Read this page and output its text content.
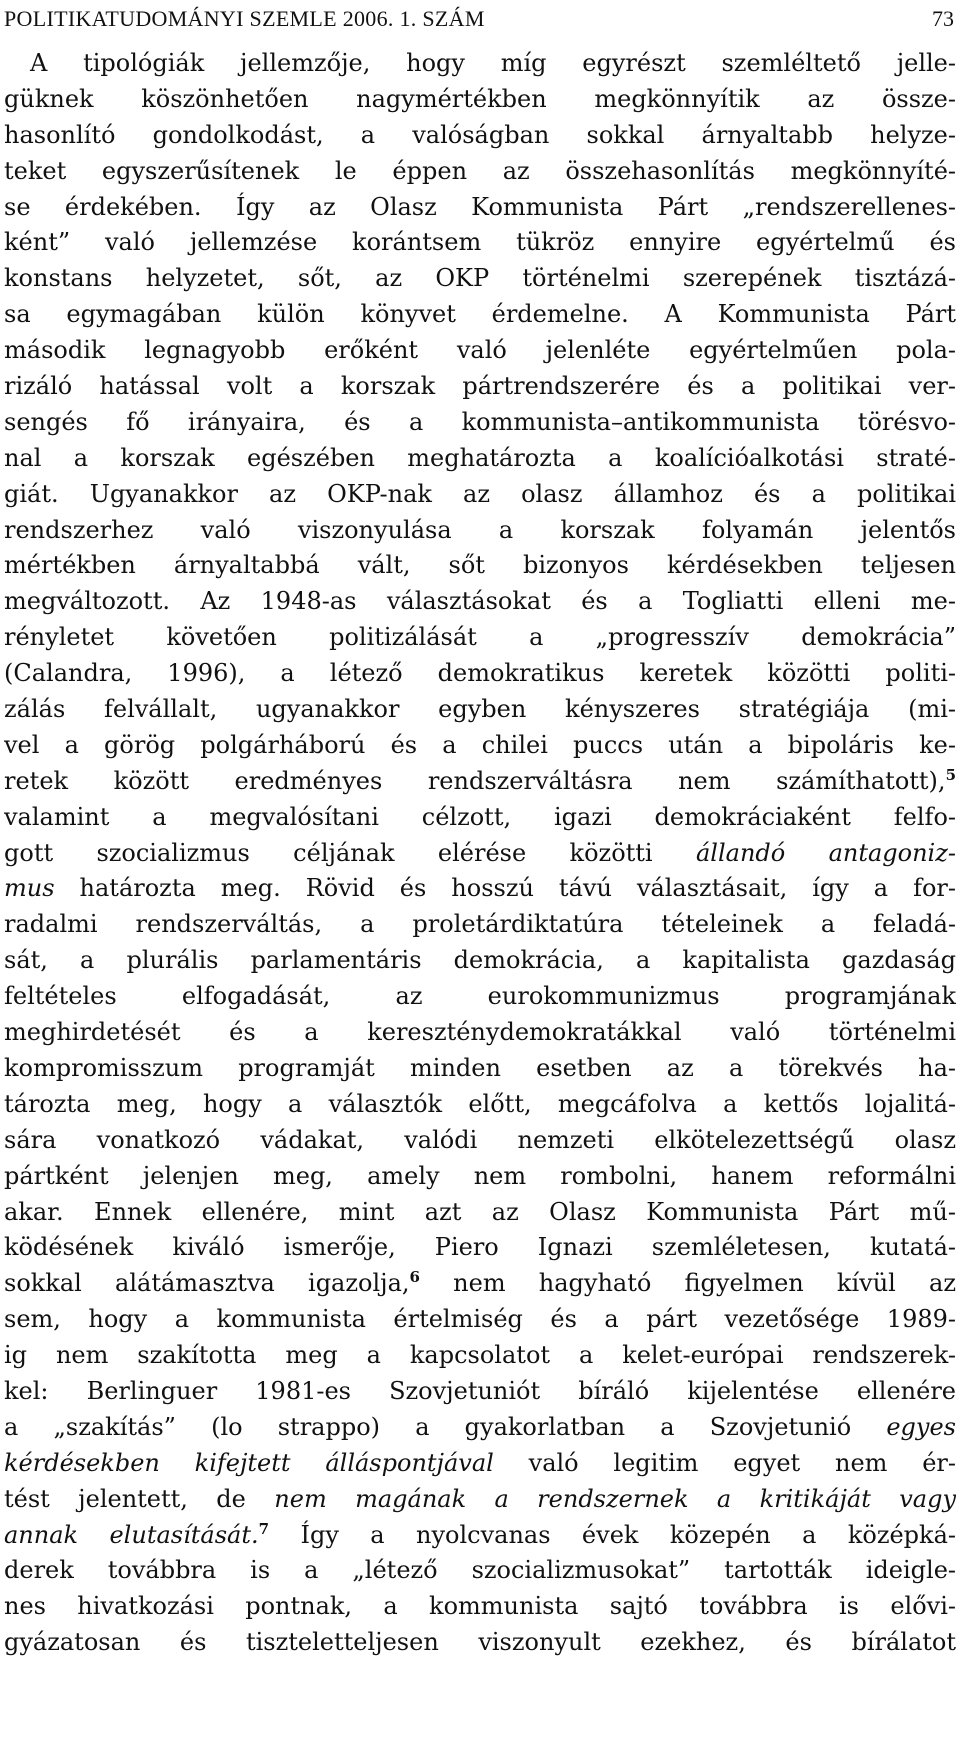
POLITIKATUDOMÁNYI SZEMLE 2006. 1. SZÁM	73
A tipológiák jellemzője, hogy míg egyrészt szemléltető jelle-
güknek köszönhetően nagymértékben megkönnyítik az össze-
hasonlító gondolkodást, a valóságban sokkal árnyaltabb helyze-
teket egyszerűsítenek le éppen az összehasonlítás megkönnyíté-
se érdekében. Így az Olasz Kommunista Párt „rendszerellenes-
ként” való jellemzése korántsem tükröz ennyire egyértelmű és
konstans helyzetet, sőt, az OKP történelmi szerepének tisztázá-
sa egymagában külön könyvet érdemelne. A Kommunista Párt
második legnagyobb erőként való jelenléte egyértelműen pola-
rizáló hatással volt a korszak pártrendszerére és a politikai ver-
sengés fő irányaira, és a kommunista–antikommunista törésvo-
nal a korszak egészében meghatározta a koalícióalkotási straté-
giát. Ugyanakkor az OKP-nak az olasz államhoz és a politikai
rendszerhez való viszonyulása a korszak folyamán jelentős
mértékben árnyaltabbá vált, sőt bizonyos kérdésekben teljesen
megváltozott. Az 1948-as választásokat és a Togliatti elleni me-
rényletet követően politizálását a „progresszív demokrácia”
(Calandra, 1996), a létező demokratikus keretek közötti politi-
zálás felvállalt, ugyanakkor egyben kényszeres stratégiája (mi-
vel a görög polgárháború és a chilei puccs után a bipoláris ke-
retek között eredményes rendszerváltásra nem számíthatott),$^5$
valamint a megvalósítani célzott, igazi demokráciaként felfo-
gott szocializmus céljának elérése közötti állandó antagoniz-
mus határozta meg. Rövid és hosszú távú választásait, így a for-
radalmi rendszerváltás, a proletárdiktatúra tételeinek a feladá-
sát, a plurális parlamentáris demokrácia, a kapitalista gazdaság
feltételes elfogadását, az eurokommunizmus programjának
meghirdetését és a kereszténydemokratákkal való történelmi
kompromisszum programját minden esetben az a törekvés ha-
tározta meg, hogy a választók előtt, megcáfolva a kettős lojalitá-
sára vonatkozó vádakat, valódi nemzeti elkötelezettségű olasz
pártként jelenjen meg, amely nem rombolni, hanem reformálni
akar. Ennek ellenére, mint azt az Olasz Kommunista Párt mű-
ködésének kiváló ismerője, Piero Ignazi szemléletesen, kutatá-
sokkal alátámasztva igazolja,$^6$ nem hagyható figyelmen kívül az
sem, hogy a kommunista értelmiség és a párt vezetősége 1989-
ig nem szakította meg a kapcsolatot a kelet-európai rendszerek-
kel: Berlinguer 1981-es Szovjetuniót bíráló kijelentése ellenére
a „szakítás” (lo strappo) a gyakorlatban a Szovjetunió egyes
kérdésekben kifejtett álláspontjával való legitim egyet nem ér-
tést jelentett, de nem magának a rendszernek a kritikáját vagy
annak elutasítását.$^7$ Így a nyolcvanas évek közepén a középká-
derek továbbra is a „létező szocializmusokat” tartották ideigle-
nes hivatkozási pontnak, a kommunista sajtó továbbra is elővi-
gyázatosan és tiszteletteljesen viszonyult ezekhez, és bírálatot
